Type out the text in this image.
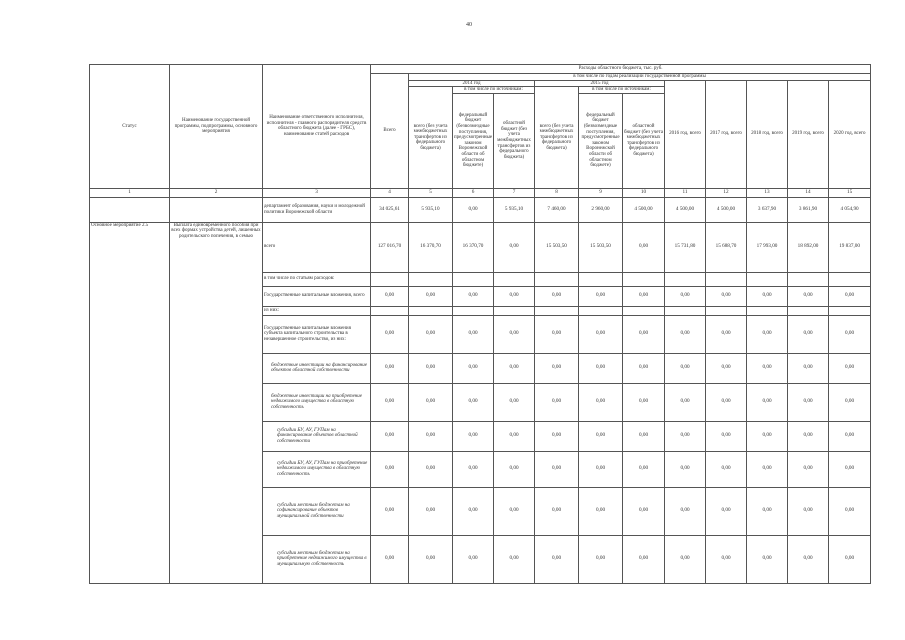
40
Статус	Наименование государственной программы, подпрограммы, основного мероприятия	Наименование ответственного исполнителя, исполнителя - главного распорядителя средств областного бюджета (далее - ГРБС), наименование статей расходов	Расходы областного бюджета, тыс. руб.											
			Всего	в том числе по годам реализации государственной программы										
				2014 год			2015 год			2016 год, всего	2017 год, всего	2018 год, всего	2019 год, всего	2020 год, всего
				всего (без учета межбюджетных трансфертов из федерального бюджета)	в том числе по источникам:		всего (без учета межбюджетных трансфертов из федерального бюджета)	в том числе по источникам:						
					федеральный бюджет (безвозмездные поступления, предусмотренные законом Воронежской области об областном бюджете)	областной бюджет (без учета межбюджетных трансфертов из федерального бюджета)		федеральный бюджет (безвозмездные поступления, предусмотренные законом Воронежской области об областном бюджете)	областной бюджет (без учета межбюджетных трансфертов из федерального бюджета)					
1	2	3	4	5	6	7	8	9	10	11	12	13	14	15
		департамент образования, науки и молодежной политики Воронежской области	34 025,61	5 935,10	0,00	5 935,10	7 460,00	2 960,00	4 500,00	4 500,00	4 500,00	3 637,90	3 861,90	4 054,90
Основное мероприятие 2.5	Выплата единовременного пособия при всех формах устройства детей, лишенных родительского попечения, в семью	всего	127 016,70	16 370,70	16 370,70	0,00	15 503,50	15 503,50	0,00	15 731,80	15 688,70	17 993,00	18 892,00	19 837,00
		в том числе по статьям расходов:												
		Государственные капитальные вложения, всего	0,00	0,00	0,00	0,00	0,00	0,00	0,00	0,00	0,00	0,00	0,00	0,00
		из них:												
		Государственные капитальные вложения субъекта капитального строительства в незавершенное строительство, из них:	0,00	0,00	0,00	0,00	0,00	0,00	0,00	0,00	0,00	0,00	0,00	0,00
		бюджетные инвестиции на финансирование объектов областной собственности	0,00	0,00	0,00	0,00	0,00	0,00	0,00	0,00	0,00	0,00	0,00	0,00
		бюджетные инвестиции на приобретение недвижимого имущества в областную собственность	0,00	0,00	0,00	0,00	0,00	0,00	0,00	0,00	0,00	0,00	0,00	0,00
		субсидии БУ, АУ, ГУПам на финансирование объектов областной собственности	0,00	0,00	0,00	0,00	0,00	0,00	0,00	0,00	0,00	0,00	0,00	0,00
		субсидии БУ, АУ, ГУПам на приобретение недвижимого имущества в областную собственность	0,00	0,00	0,00	0,00	0,00	0,00	0,00	0,00	0,00	0,00	0,00	0,00
		субсидии местным бюджетам на софинансирование объектов муниципальной собственности	0,00	0,00	0,00	0,00	0,00	0,00	0,00	0,00	0,00	0,00	0,00	0,00
		субсидии местным бюджетам на приобретение недвижимого имущества в муниципальную собственность	0,00	0,00	0,00	0,00	0,00	0,00	0,00	0,00	0,00	0,00	0,00	0,00
